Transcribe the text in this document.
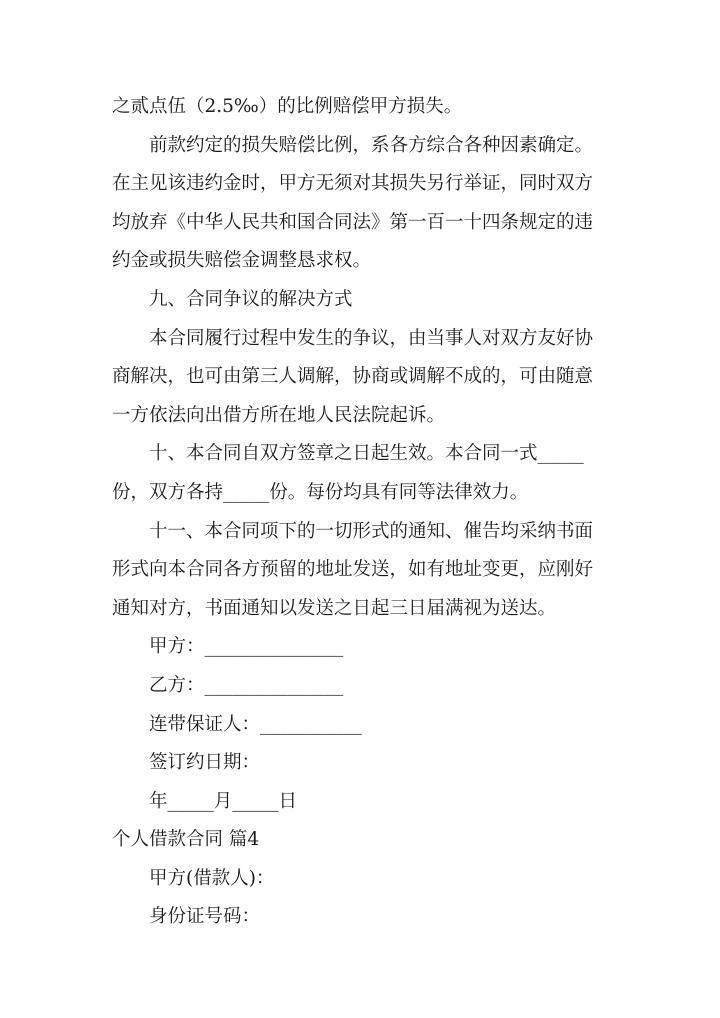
之贰点伍（2.5‰）的比例赔偿甲方损失。

前款约定的损失赔偿比例，系各方综合各种因素确定。

在主见该违约金时，甲方无须对其损失另行举证，同时双方

均放弃《中华人民共和国合同法》第一百一十四条规定的违

约金或损失赔偿金调整恳求权。

九、合同争议的解决方式

本合同履行过程中发生的争议，由当事人对双方友好协

商解决，也可由第三人调解，协商或调解不成的，可由随意

一方依法向出借方所在地人民法院起诉。

十、本合同自双方签章之日起生效。本合同一式_____

份，双方各持_____份。每份均具有同等法律效力。

十一、本合同项下的一切形式的通知、催告均采纳书面

形式向本合同各方预留的地址发送，如有地址变更，应刚好

通知对方，书面通知以发送之日起三日届满视为送达。

甲方：_______________

乙方：_______________

连带保证人：___________

签订约日期：

年_____月_____日

个人借款合同 篇4

甲方(借款人)：

身份证号码：
